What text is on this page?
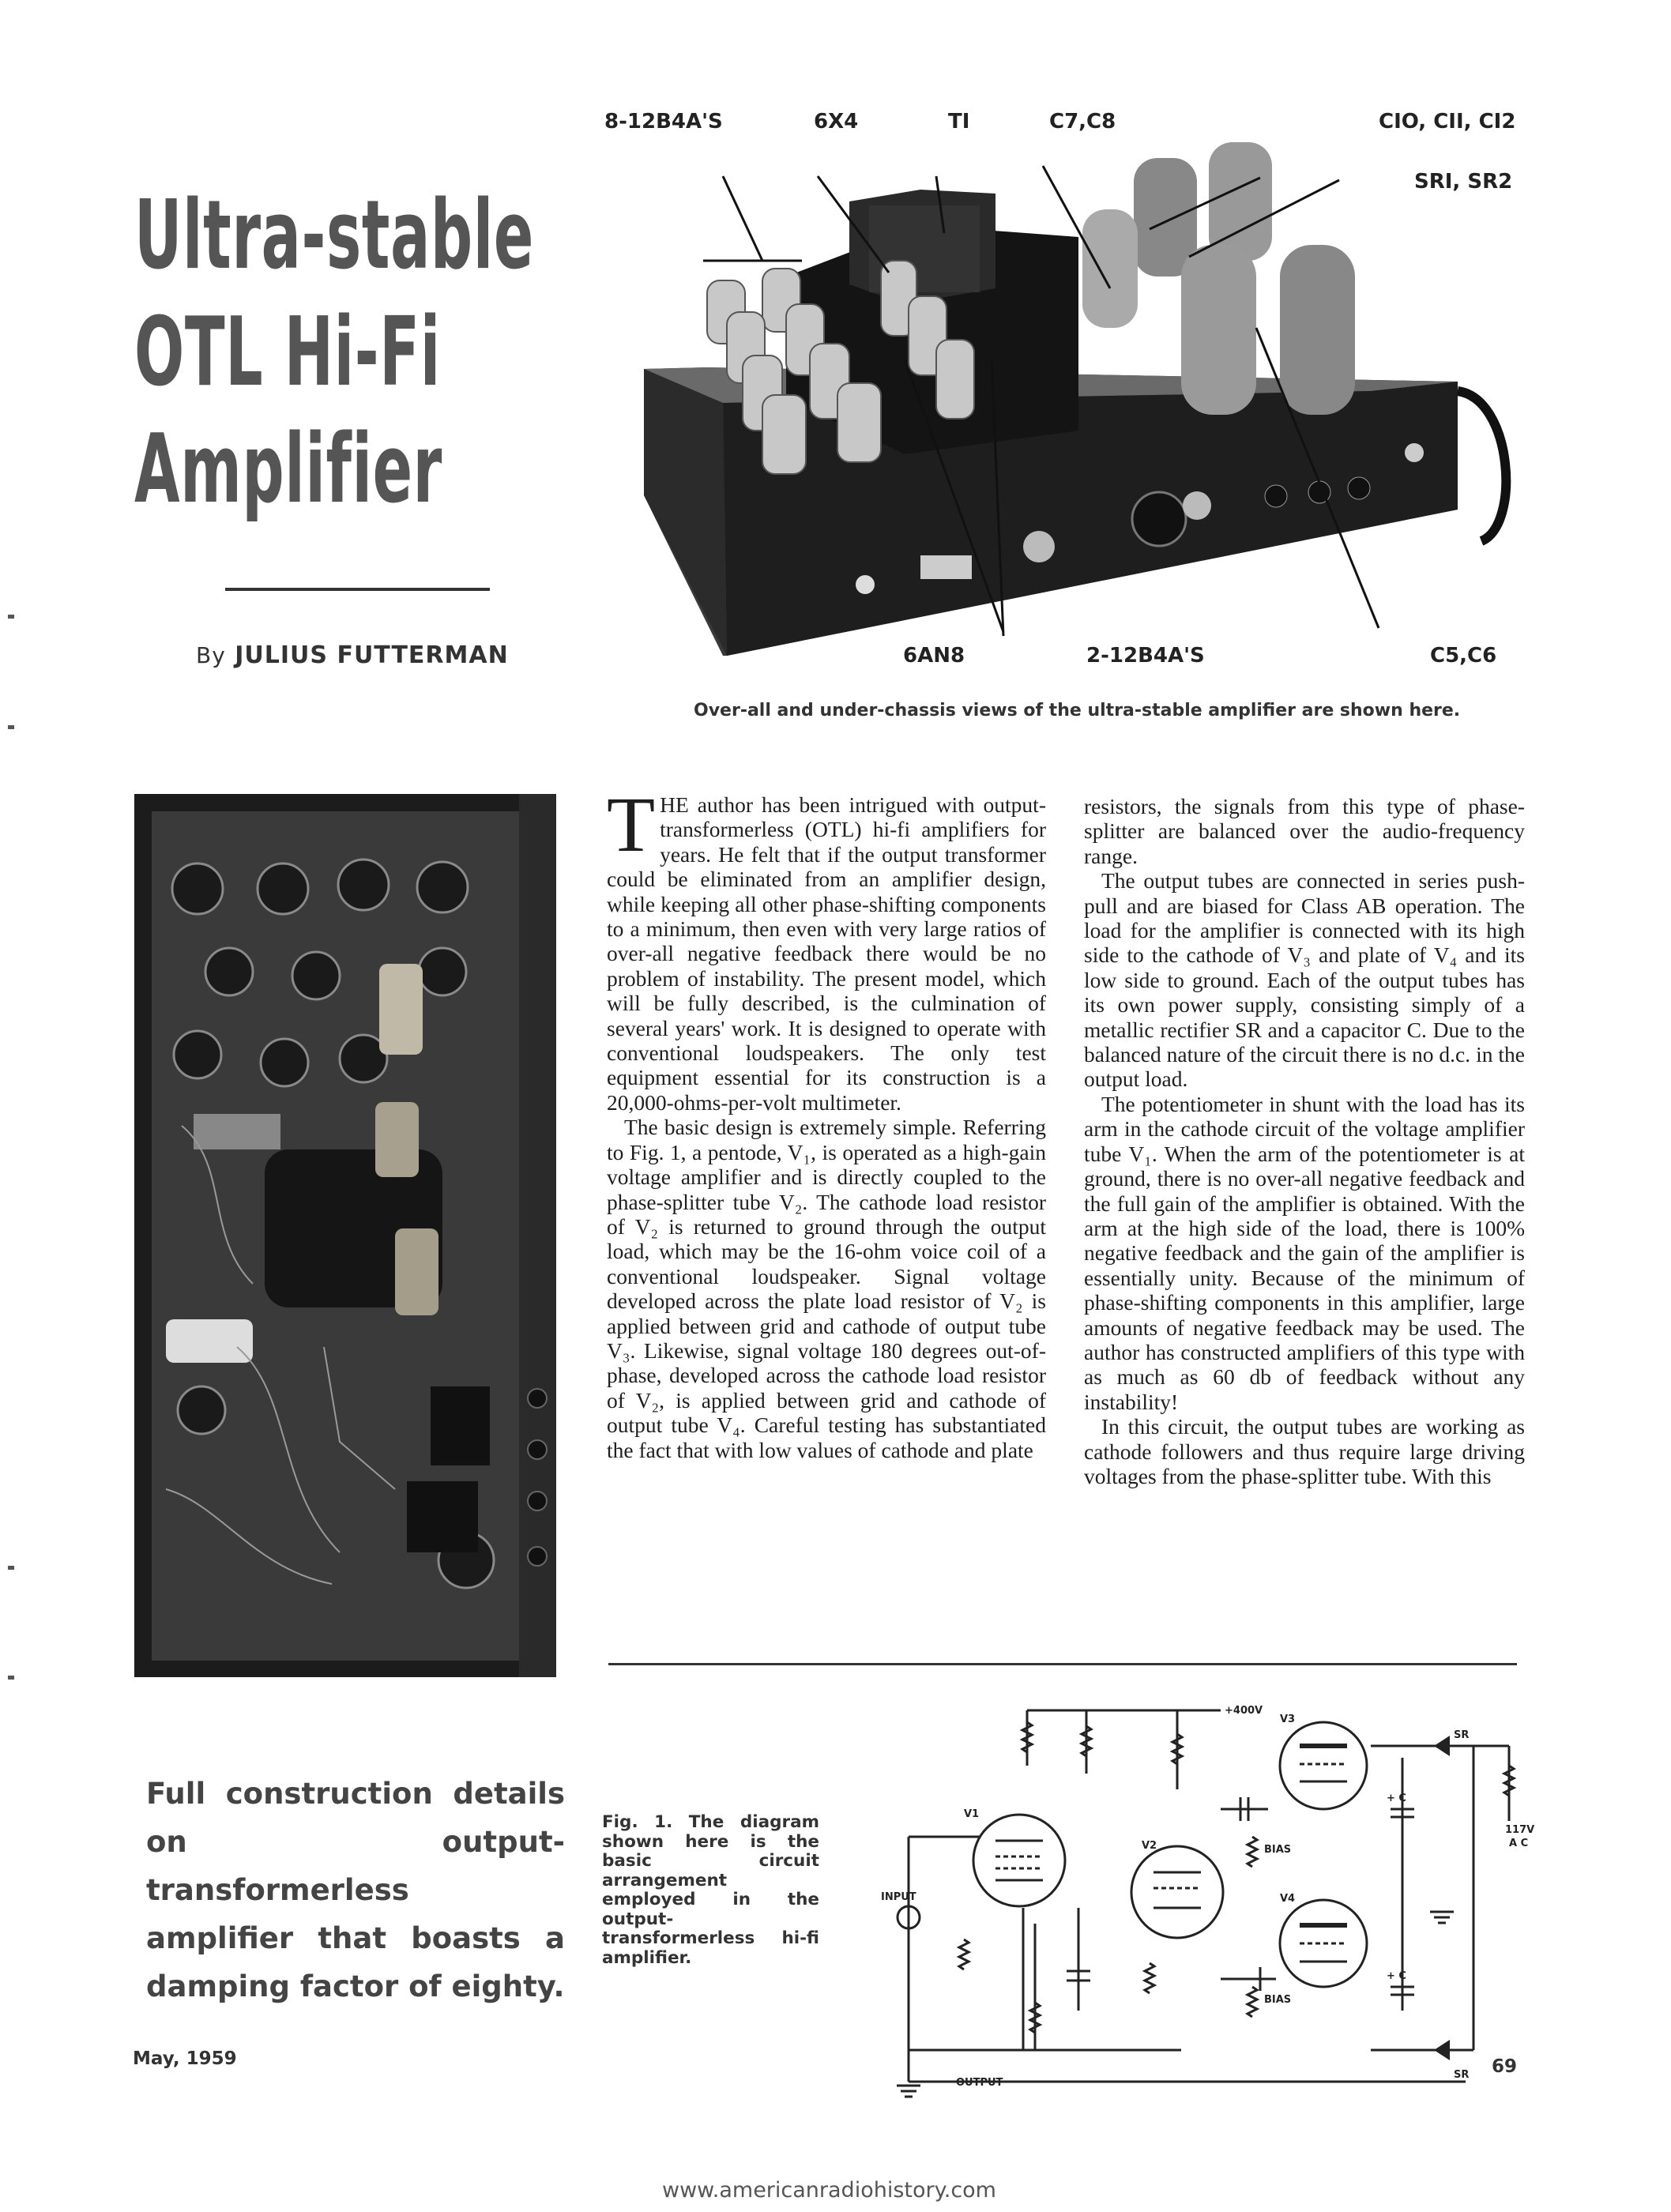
Ultra-stable
OTL Hi-Fi
Amplifier
By JULIUS FUTTERMAN
8-12B4A'S	6X4	TI	C7,C8	CIO, CII, CI2
SRI, SR2
6AN8	2-12B4A'S	C5,C6
Over-all and under-chassis views of the ultra-stable amplifier are shown here.

THE author has been intrigued with output-transformerless (OTL) hi-fi amplifiers for years. He felt that if the output transformer could be eliminated from an amplifier design, while keeping all other phase-shifting components to a minimum, then even with very large ratios of over-all negative feedback there would be no problem of instability. The present model, which will be fully described, is the culmination of several years' work. It is designed to operate with conventional loudspeakers. The only test equipment essential for its construction is a 20,000-ohms-per-volt multimeter.

The basic design is extremely simple. Referring to Fig. 1, a pentode, V₁, is operated as a high-gain voltage amplifier and is directly coupled to the phase-splitter tube V₂. The cathode load resistor of V₂ is returned to ground through the output load, which may be the 16-ohm voice coil of a conventional loudspeaker. Signal voltage developed across the plate load resistor of V₂ is applied between grid and cathode of output tube V₃. Likewise, signal voltage 180 degrees out-of-phase, developed across the cathode load resistor of V₂, is applied between grid and cathode of output tube V₄. Careful testing has substantiated the fact that with low values of cathode and plate

resistors, the signals from this type of phase-splitter are balanced over the audio-frequency range.

The output tubes are connected in series push-pull and are biased for Class AB operation. The load for the amplifier is connected with its high side to the cathode of V₃ and plate of V₄ and its low side to ground. Each of the output tubes has its own power supply, consisting simply of a metallic rectifier SR and a capacitor C. Due to the balanced nature of the circuit there is no d.c. in the output load.

The potentiometer in shunt with the load has its arm in the cathode circuit of the voltage amplifier tube V₁. When the arm of the potentiometer is at ground, there is no over-all negative feedback and the full gain of the amplifier is obtained. With the arm at the high side of the load, there is 100% negative feedback and the gain of the amplifier is essentially unity. Because of the minimum of phase-shifting components in this amplifier, large amounts of negative feedback may be used. The author has constructed amplifiers of this type with as much as 60 db of feedback without any instability!

In this circuit, the output tubes are working as cathode followers and thus require large driving voltages from the phase-splitter tube. With this

Full construction details on output-transformerless amplifier that boasts a damping factor of eighty.
Fig. 1. The diagram shown here is the basic circuit arrangement employed in the output-transformerless hi-fi amplifier.
+400V
V1
V2
V3
V4
INPUT
OUTPUT
BIAS
BIAS
SR
SR
+ C
+ C
117V
A C
May, 1959	69
www.americanradiohistory.com
